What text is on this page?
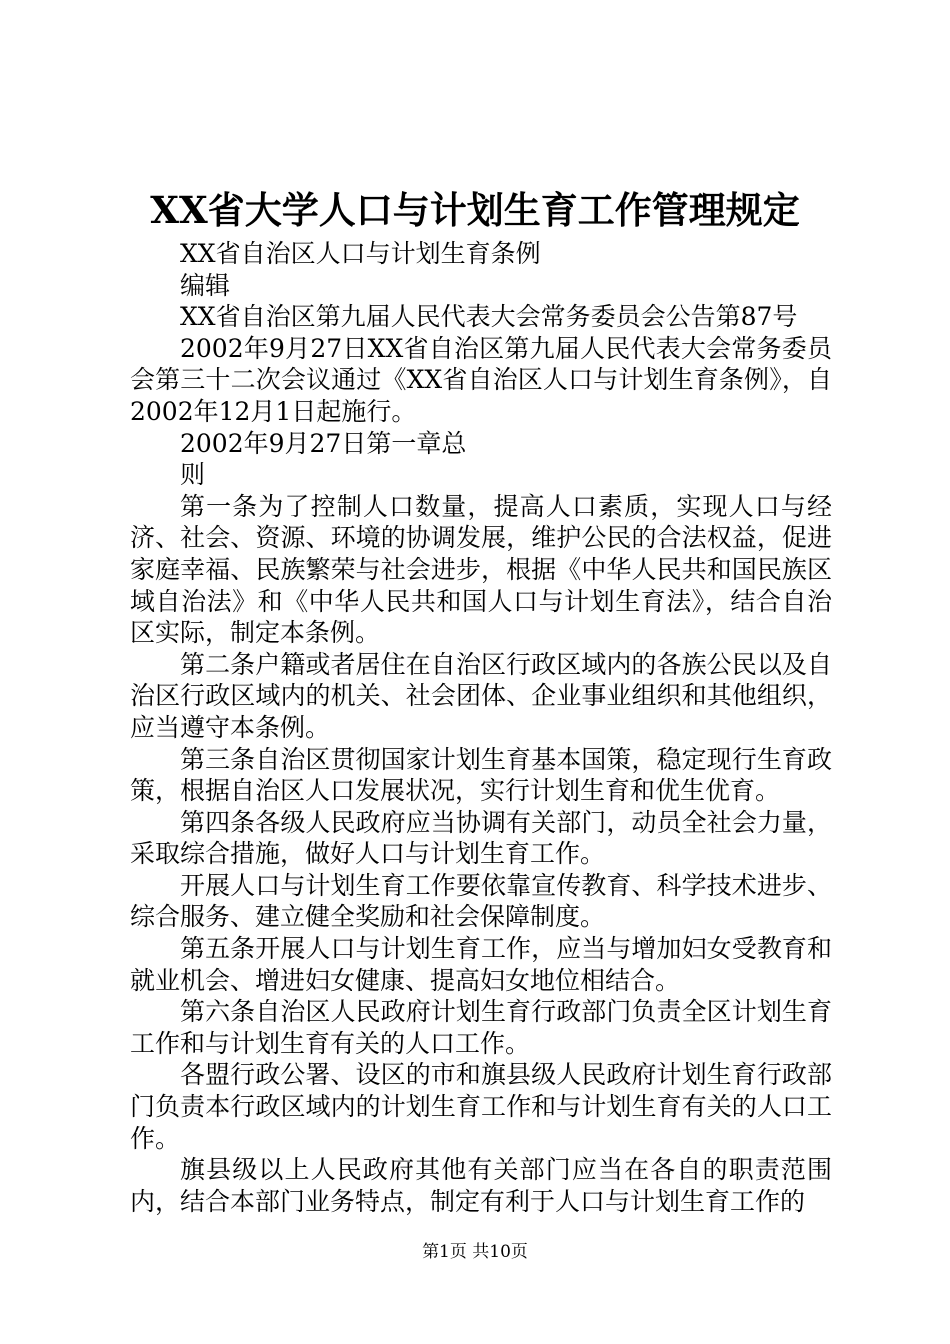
XX省大学人口与计划生育工作管理规定

XX省自治区人口与计划生育条例

编辑

XX省自治区第九届人民代表大会常务委员会公告第87号

2002年9月27日XX省自治区第九届人民代表大会常务委员会第三十二次会议通过《XX省自治区人口与计划生育条例》，自2002年12月1日起施行。

2002年9月27日第一章总

则

第一条为了控制人口数量，提高人口素质，实现人口与经济、社会、资源、环境的协调发展，维护公民的合法权益，促进家庭幸福、民族繁荣与社会进步，根据《中华人民共和国民族区域自治法》和《中华人民共和国人口与计划生育法》，结合自治区实际，制定本条例。

第二条户籍或者居住在自治区行政区域内的各族公民以及自治区行政区域内的机关、社会团体、企业事业组织和其他组织，应当遵守本条例。

第三条自治区贯彻国家计划生育基本国策，稳定现行生育政策，根据自治区人口发展状况，实行计划生育和优生优育。

第四条各级人民政府应当协调有关部门，动员全社会力量，采取综合措施，做好人口与计划生育工作。

开展人口与计划生育工作要依靠宣传教育、科学技术进步、综合服务、建立健全奖励和社会保障制度。

第五条开展人口与计划生育工作，应当与增加妇女受教育和就业机会、增进妇女健康、提高妇女地位相结合。

第六条自治区人民政府计划生育行政部门负责全区计划生育工作和与计划生育有关的人口工作。

各盟行政公署、设区的市和旗县级人民政府计划生育行政部门负责本行政区域内的计划生育工作和与计划生育有关的人口工作。

旗县级以上人民政府其他有关部门应当在各自的职责范围内，结合本部门业务特点，制定有利于人口与计划生育工作的

第1页 共10页
